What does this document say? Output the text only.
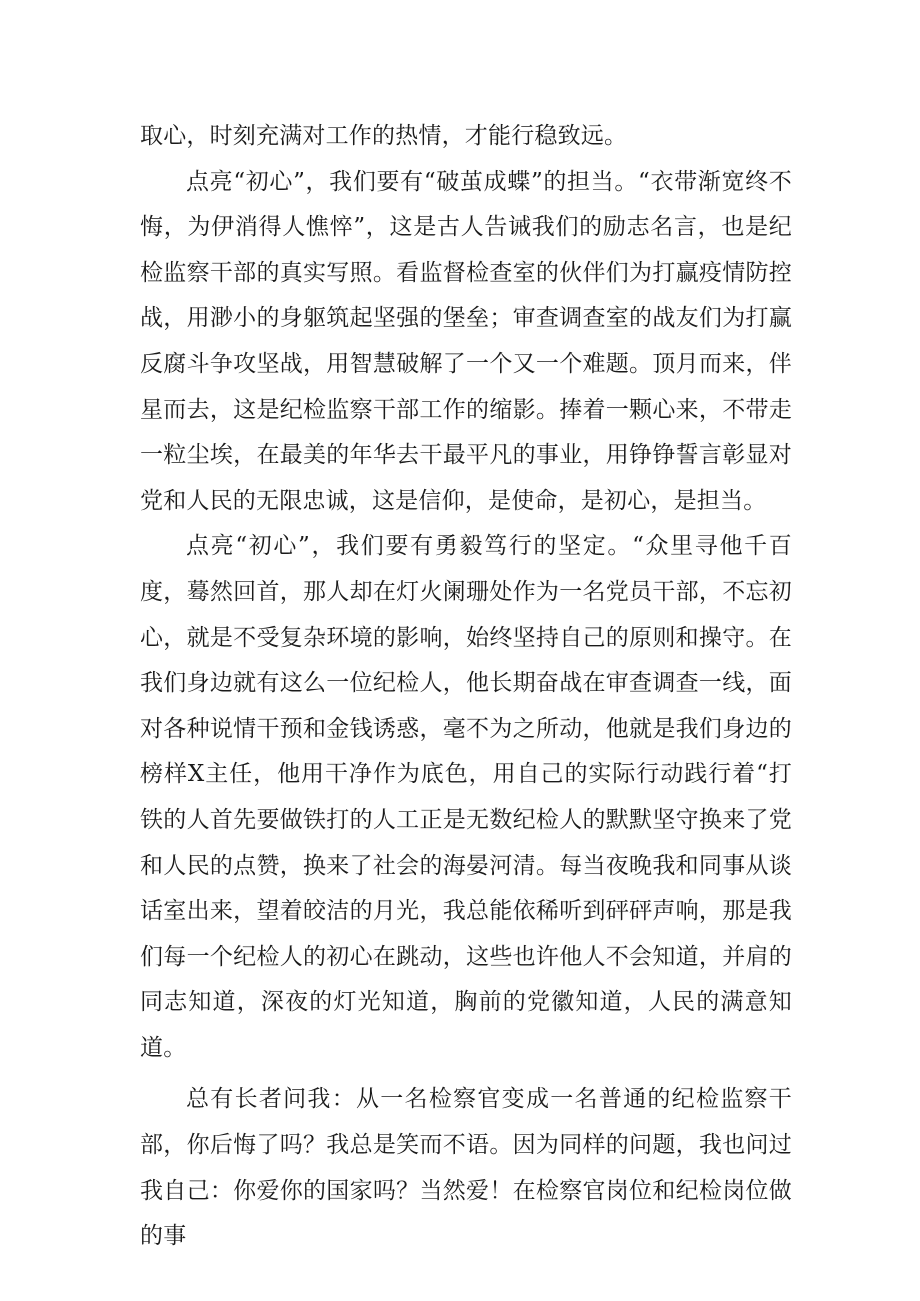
取心，时刻充满对工作的热情，才能行稳致远。

点亮“初心”，我们要有“破茧成蝶”的担当。“衣带渐宽终不悔，为伊消得人憔悴”，这是古人告诫我们的励志名言，也是纪检监察干部的真实写照。看监督检查室的伙伴们为打赢疫情防控战，用渺小的身躯筑起坚强的堡垒；审查调查室的战友们为打赢反腐斗争攻坚战，用智慧破解了一个又一个难题。顶月而来，伴星而去，这是纪检监察干部工作的缩影。捧着一颗心来，不带走一粒尘埃，在最美的年华去干最平凡的事业，用铮铮誓言彰显对党和人民的无限忠诚，这是信仰，是使命，是初心，是担当。

点亮“初心”，我们要有勇毅笃行的坚定。“众里寻他千百度，蓦然回首，那人却在灯火阑珊处作为一名党员干部，不忘初心，就是不受复杂环境的影响，始终坚持自己的原则和操守。在我们身边就有这么一位纪检人，他长期奋战在审查调查一线，面对各种说情干预和金钱诱惑，毫不为之所动，他就是我们身边的榜样X主任，他用干净作为底色，用自己的实际行动践行着“打铁的人首先要做铁打的人工正是无数纪检人的默默坚守换来了党和人民的点赞，换来了社会的海晏河清。每当夜晚我和同事从谈话室出来，望着皎洁的月光，我总能依稀听到砰砰声响，那是我们每一个纪检人的初心在跳动，这些也许他人不会知道，并肩的同志知道，深夜的灯光知道，胸前的党徽知道，人民的满意知道。

总有长者问我：从一名检察官变成一名普通的纪检监察干部，你后悔了吗？我总是笑而不语。因为同样的问题，我也问过我自己：你爱你的国家吗？当然爱！在检察官岗位和纪检岗位做的事
